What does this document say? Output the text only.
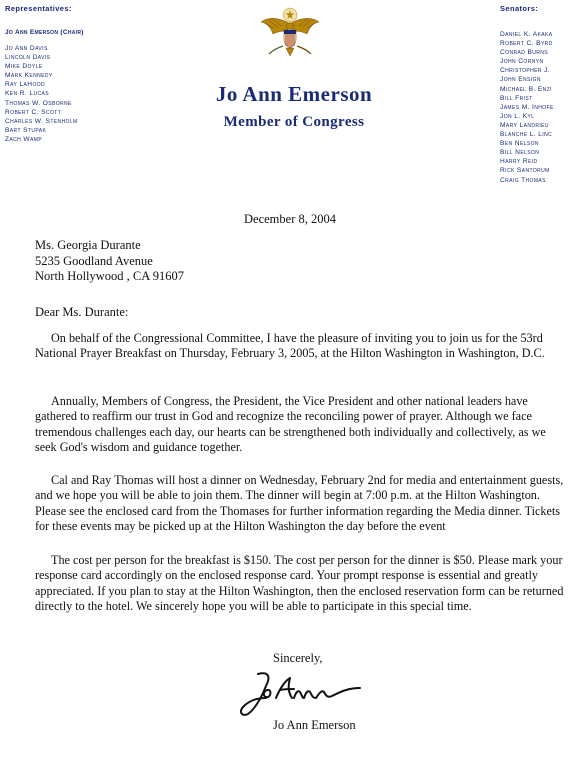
Representatives:
Jo Ann Emerson (Chair)
Jo Ann Davis
Lincoln Davis
Mike Doyle
Mark Kennedy
Ray LaHood
Ken R. Lucas
Thomas W. Osborne
Robert C. Scott
Charles W. Stenholm
Bart Stupak
Zach Wamp
Jo Ann Emerson
Member of Congress
Senators:
Daniel K. Akaka
Robert C. Byrd
Conrad Burns
John Cornyn
Christopher J.
John Ensign
Michael B. Enzi
Bill Frist
James M. Inhofe
Jon L. Kyl
Mary Landrieu
Blanche L. Linc
Ben Nelson
Bill Nelson
Harry Reid
Rick Santorum
Craig Thomas
December 8, 2004
Ms. Georgia Durante
5235 Goodland Avenue
North Hollywood , CA 91607
Dear Ms. Durante:
On behalf of the Congressional Committee, I have the pleasure of inviting you to join us for the 53rd National Prayer Breakfast on Thursday, February 3, 2005, at the Hilton Washington in Washington, D.C.
Annually, Members of Congress, the President, the Vice President and other national leaders have gathered to reaffirm our trust in God and recognize the reconciling power of prayer. Although we face tremendous challenges each day, our hearts can be strengthened both individually and collectively, as we seek God's wisdom and guidance together.
Cal and Ray Thomas will host a dinner on Wednesday, February 2nd for media and entertainment guests, and we hope you will be able to join them. The dinner will begin at 7:00 p.m. at the Hilton Washington. Please see the enclosed card from the Thomases for further information regarding the Media dinner. Tickets for these events may be picked up at the Hilton Washington the day before the event
The cost per person for the breakfast is $150. The cost per person for the dinner is $50. Please mark your response card accordingly on the enclosed response card. Your prompt response is essential and greatly appreciated. If you plan to stay at the Hilton Washington, then the enclosed reservation form can be returned directly to the hotel. We sincerely hope you will be able to participate in this special time.
Sincerely,
Jo Ann Emerson
